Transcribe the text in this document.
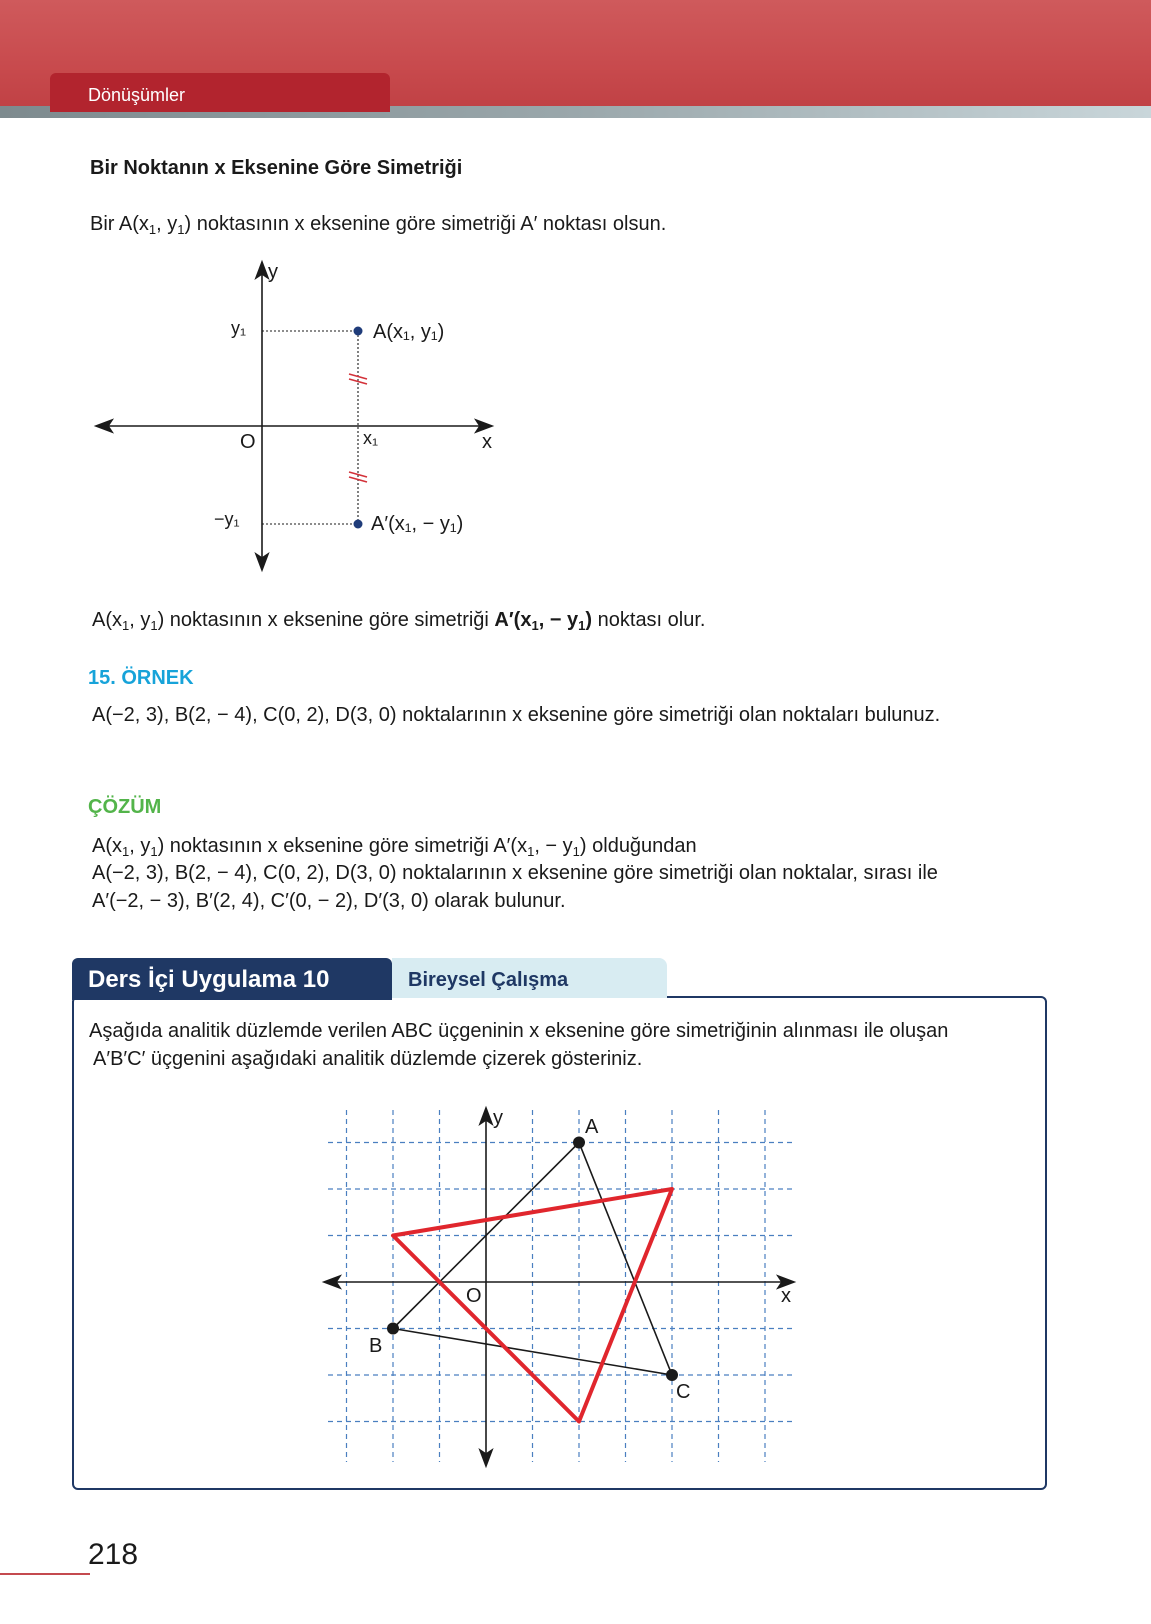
Dönüşümler
Bir Noktanın x Eksenine Göre Simetriği
Bir $A(x_1$, $y_1$) noktasının x eksenine göre simetriği A′ noktası olsun.
y
x
O
y₁
−y₁
x₁
A(x₁, y₁)
A′(x₁, − y₁)
$A(x_1$, $y_1$) noktasının x eksenine göre simetriği $A'(x_1$, − $y_1$) noktası olur.
15. ÖRNEK
A(−2, 3), B(2, − 4), C(0, 2), D(3, 0) noktalarının x eksenine göre simetriği olan noktaları bulunuz.
ÇÖZÜM
$A(x_1$, $y_1$) noktasının x eksenine göre simetriği $A'(x_1$, − $y_1$) olduğundan
A(−2, 3), B(2, − 4), C(0, 2), D(3, 0) noktalarının x eksenine göre simetriği olan noktalar, sırası ile
A′(−2, − 3), B′(2, 4), C′(0, − 2), D′(3, 0) olarak bulunur.
Bireysel Çalışma
Ders İçi Uygulama 10
Aşağıda analitik düzlemde verilen ABC üçgeninin x eksenine göre simetriğinin alınması ile oluşan
A′B′C′ üçgenini aşağıdaki analitik düzlemde çizerek gösteriniz.
y
x
O
A
B
C
218
